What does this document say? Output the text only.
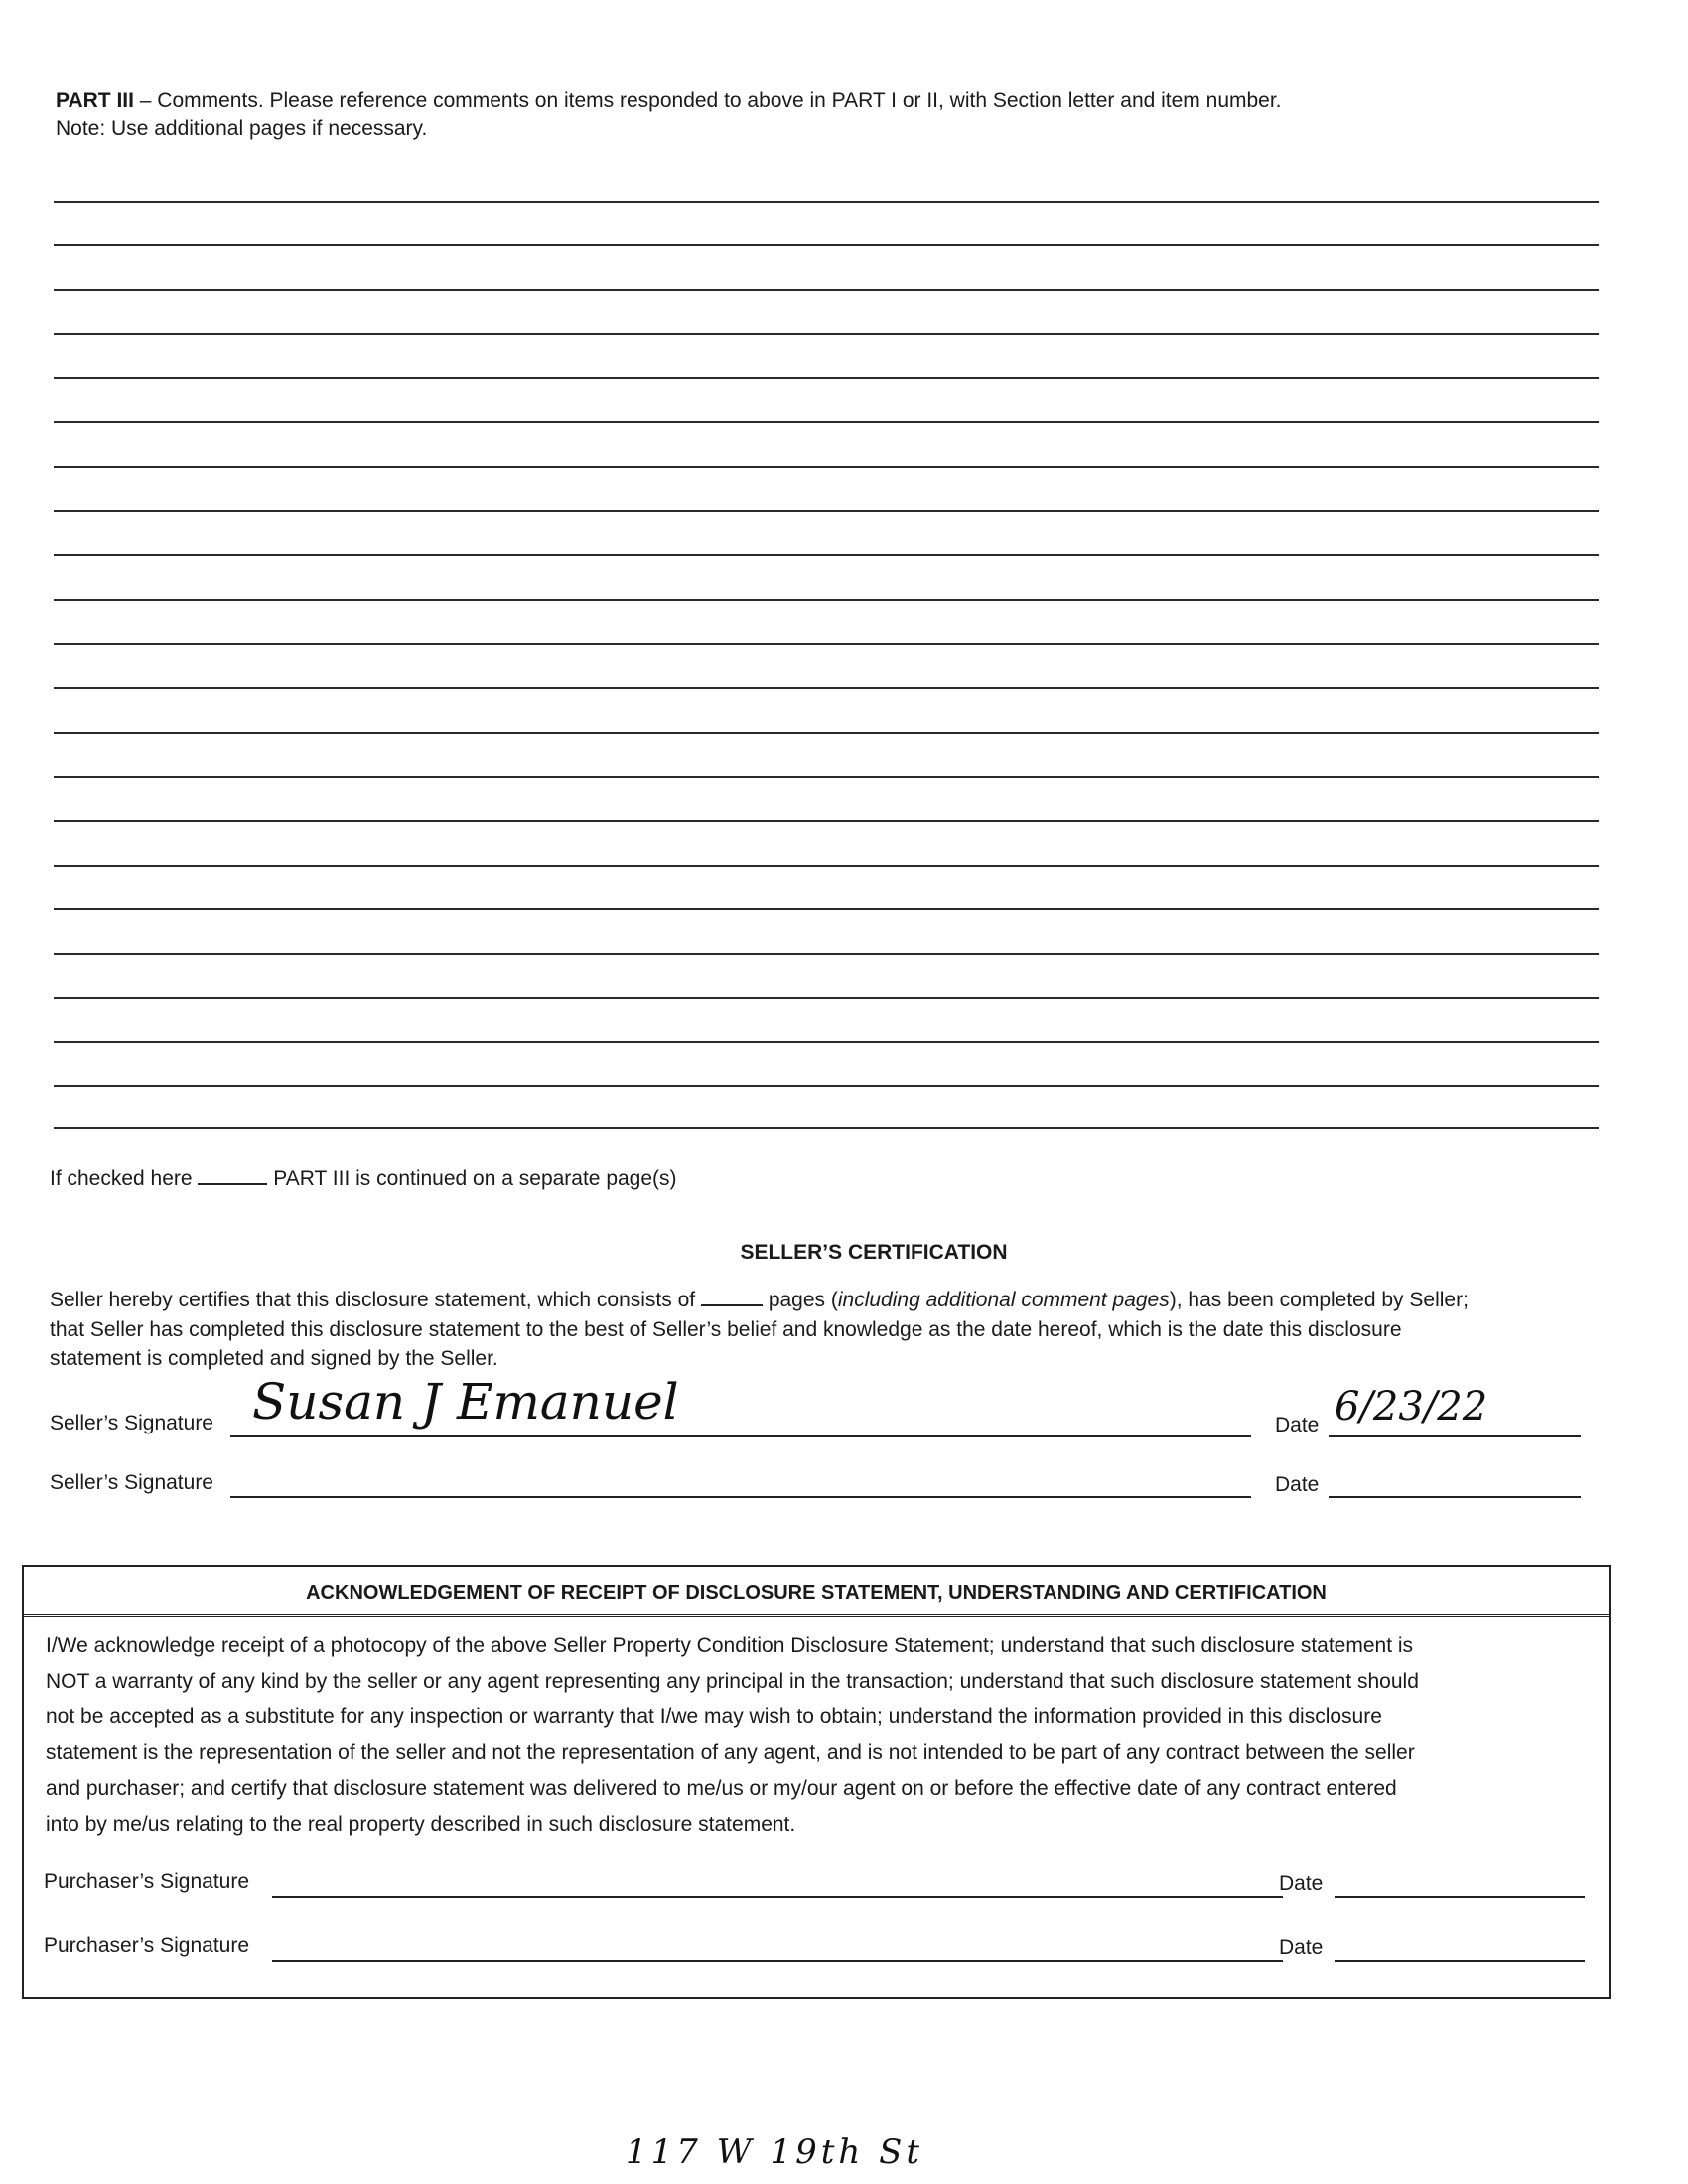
PART III – Comments. Please reference comments on items responded to above in PART I or II, with Section letter and item number.
Note: Use additional pages if necessary.
If checked here	PART III is continued on a separate page(s)
SELLER’S CERTIFICATION
Seller hereby certifies that this disclosure statement, which consists of	pages (including additional comment pages), has been completed by Seller;
that Seller has completed this disclosure statement to the best of Seller’s belief and knowledge as the date hereof, which is the date this disclosure
statement is completed and signed by the Seller.
Seller’s Signature Susan J Emanuel	Date 6/23/22
Seller’s Signature	Date
ACKNOWLEDGEMENT OF RECEIPT OF DISCLOSURE STATEMENT, UNDERSTANDING AND CERTIFICATION
I/We acknowledge receipt of a photocopy of the above Seller Property Condition Disclosure Statement; understand that such disclosure statement is
NOT a warranty of any kind by the seller or any agent representing any principal in the transaction; understand that such disclosure statement should
not be accepted as a substitute for any inspection or warranty that I/we may wish to obtain; understand the information provided in this disclosure
statement is the representation of the seller and not the representation of any agent, and is not intended to be part of any contract between the seller
and purchaser; and certify that disclosure statement was delivered to me/us or my/our agent on or before the effective date of any contract entered
into by me/us relating to the real property described in such disclosure statement.
Purchaser’s Signature	Date
Purchaser’s Signature	Date
117 W 19th St
